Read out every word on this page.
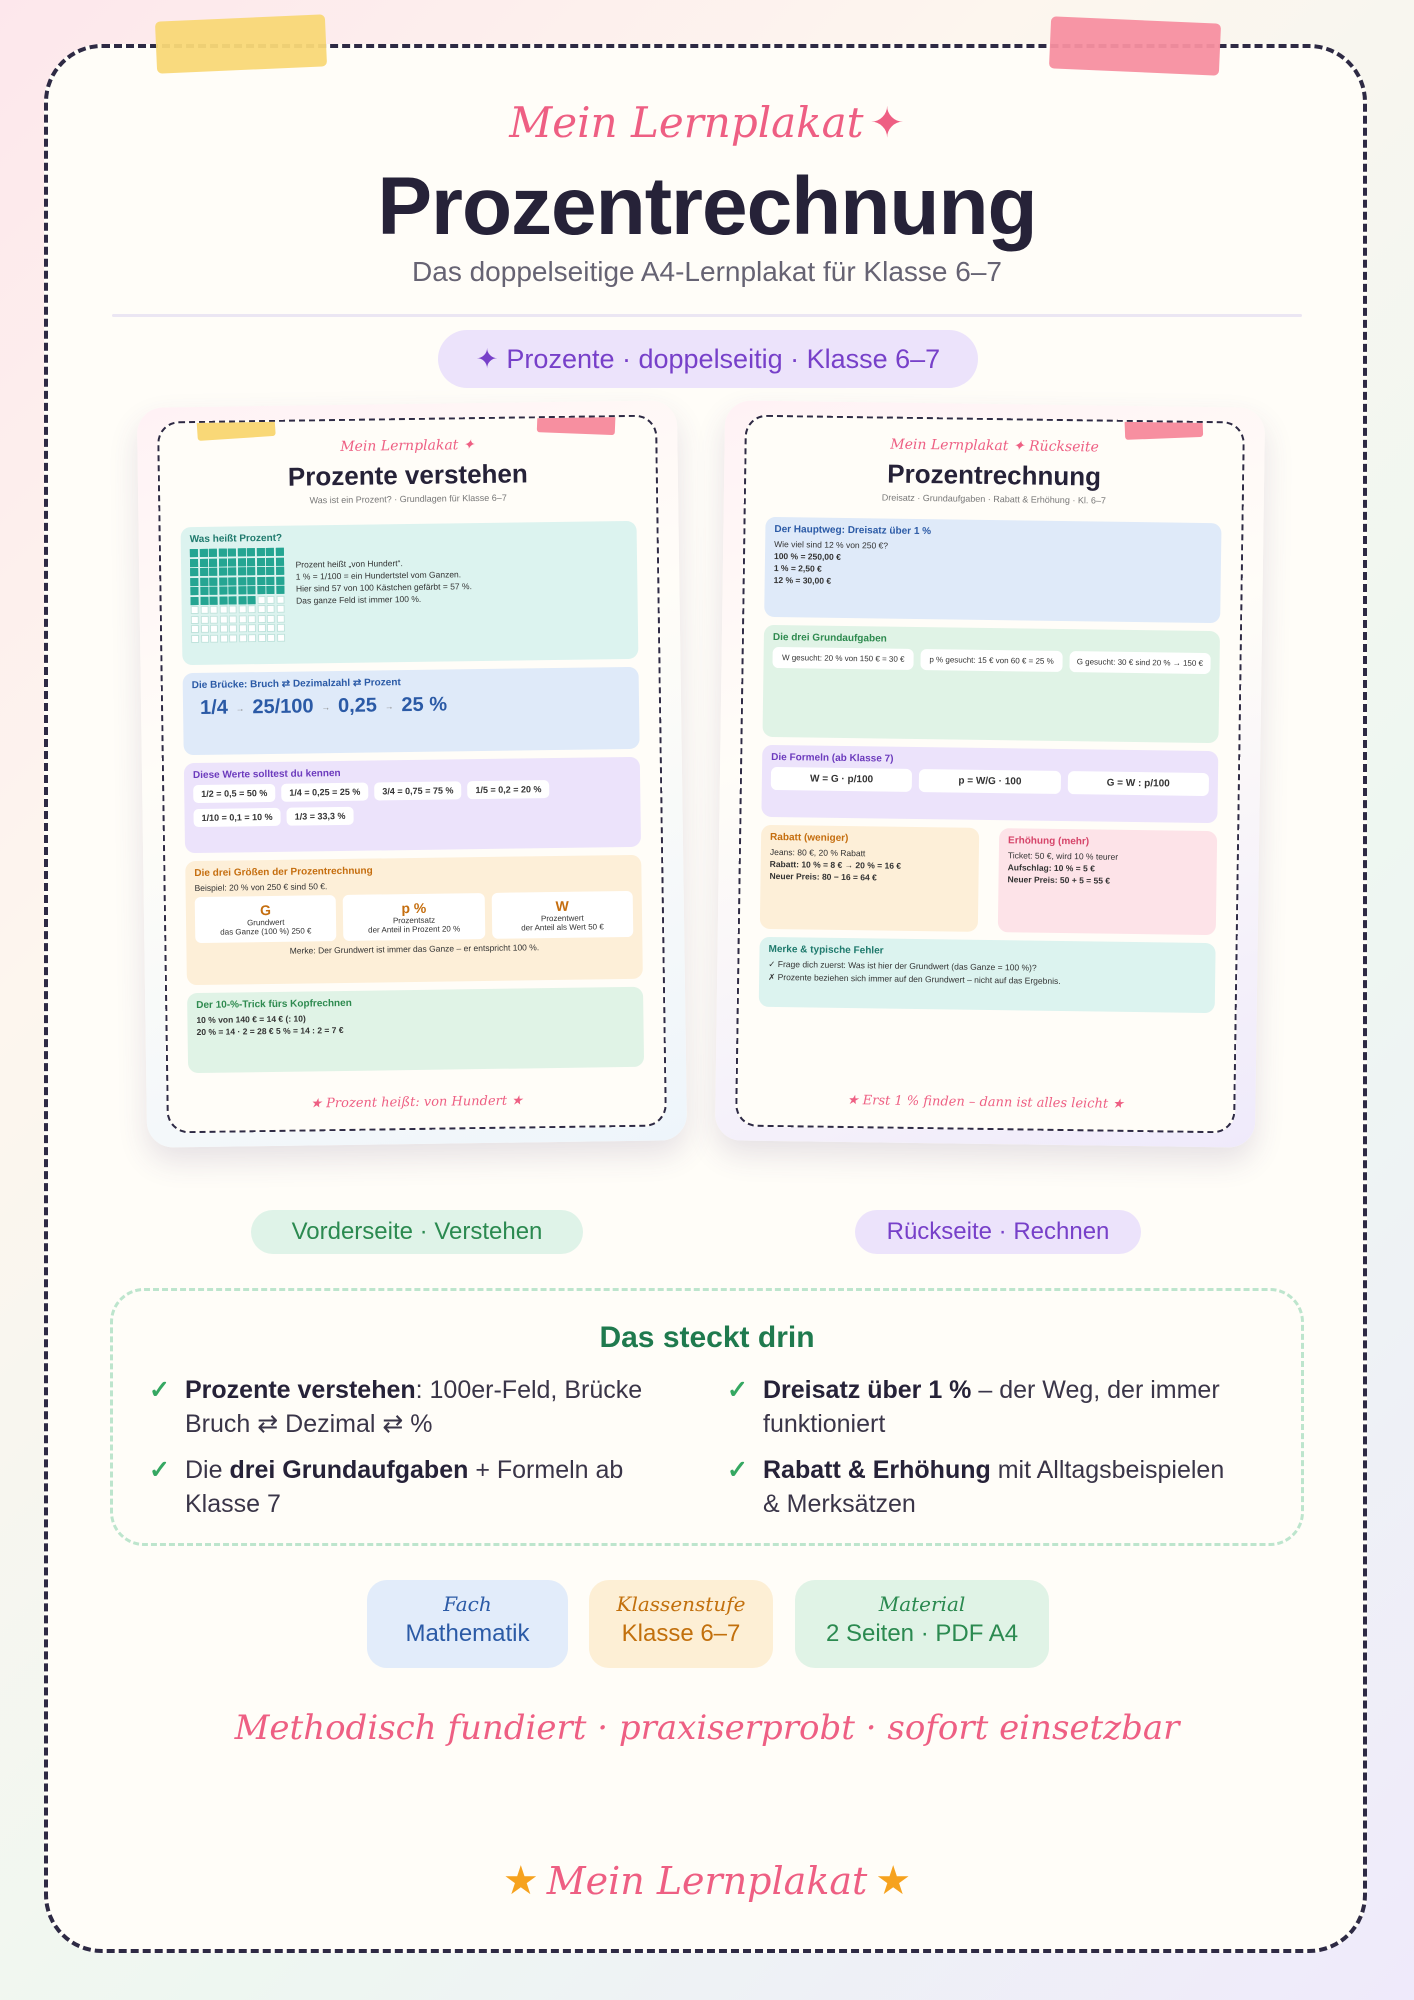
Mein Lernplakat ✦
Prozentrechnung
Das doppelseitige A4-Lernplakat für Klasse 6–7
✦ Prozente · doppelseitig · Klasse 6–7
Mein Lernplakat ✦
Prozente verstehen
Was ist ein Prozent? · Grundlagen für Klasse 6–7
Was heißt Prozent?
Prozent heißt „von Hundert“.
1 % = 1/100 = ein Hundertstel vom Ganzen.
Hier sind 57 von 100 Kästchen gefärbt = 57 %.
Das ganze Feld ist immer 100 %.
Die Brücke: Bruch ⇄ Dezimalzahl ⇄ Prozent
1/4 → 25/100 → 0,25 → 25 %
Diese Werte solltest du kennen
1/2 = 0,5 = 50 %	1/4 = 0,25 = 25 %	3/4 = 0,75 = 75 %	1/5 = 0,2 = 20 %
1/10 = 0,1 = 10 %	1/3 = 33,3 %
Die drei Größen der Prozentrechnung
Beispiel: 20 % von 250 € sind 50 €.
G
Grundwert
das Ganze (100 %) 250 €
p %
Prozentsatz
der Anteil in Prozent 20 %
W
Prozentwert
der Anteil als Wert 50 €
Merke: Der Grundwert ist immer das Ganze – er entspricht 100 %.
Der 10-%-Trick fürs Kopfrechnen
10 % von 140 € = 14 € (: 10)
20 % = 14 · 2 = 28 € 5 % = 14 : 2 = 7 €
★ Prozent heißt: von Hundert ★
Mein Lernplakat ✦ Rückseite
Prozentrechnung
Dreisatz · Grundaufgaben · Rabatt & Erhöhung · Kl. 6–7
Der Hauptweg: Dreisatz über 1 %
Wie viel sind 12 % von 250 €?
100 % = 250,00 €
1 % = 2,50 €
12 % = 30,00 €
Die drei Grundaufgaben
W gesucht: 20 % von 150 € = 30 €	p % gesucht: 15 € von 60 € = 25 %	G gesucht: 30 € sind 20 % → 150 €
Die Formeln (ab Klasse 7)
W = G · p/100	p = W/G · 100	G = W : p/100
Rabatt (weniger)
Jeans: 80 €, 20 % Rabatt
Rabatt: 10 % = 8 € → 20 % = 16 €
Neuer Preis: 80 − 16 = 64 €
Erhöhung (mehr)
Ticket: 50 €, wird 10 % teurer
Aufschlag: 10 % = 5 €
Neuer Preis: 50 + 5 = 55 €
Merke & typische Fehler
✓ Frage dich zuerst: Was ist hier der Grundwert (das Ganze = 100 %)?
✗ Prozente beziehen sich immer auf den Grundwert – nicht auf das Ergebnis.
★ Erst 1 % finden – dann ist alles leicht ★
Vorderseite · Verstehen	Rückseite · Rechnen
Das steckt drin
✓ Prozente verstehen: 100er-Feld, Brücke Bruch ⇄ Dezimal ⇄ %
✓ Dreisatz über 1 % – der Weg, der immer funktioniert
✓ Die drei Grundaufgaben + Formeln ab Klasse 7
✓ Rabatt & Erhöhung mit Alltagsbeispielen & Merksätzen
Fach
Mathematik
Klassenstufe
Klasse 6–7
Material
2 Seiten · PDF A4
Methodisch fundiert · praxiserprobt · sofort einsetzbar
★ Mein Lernplakat ★
